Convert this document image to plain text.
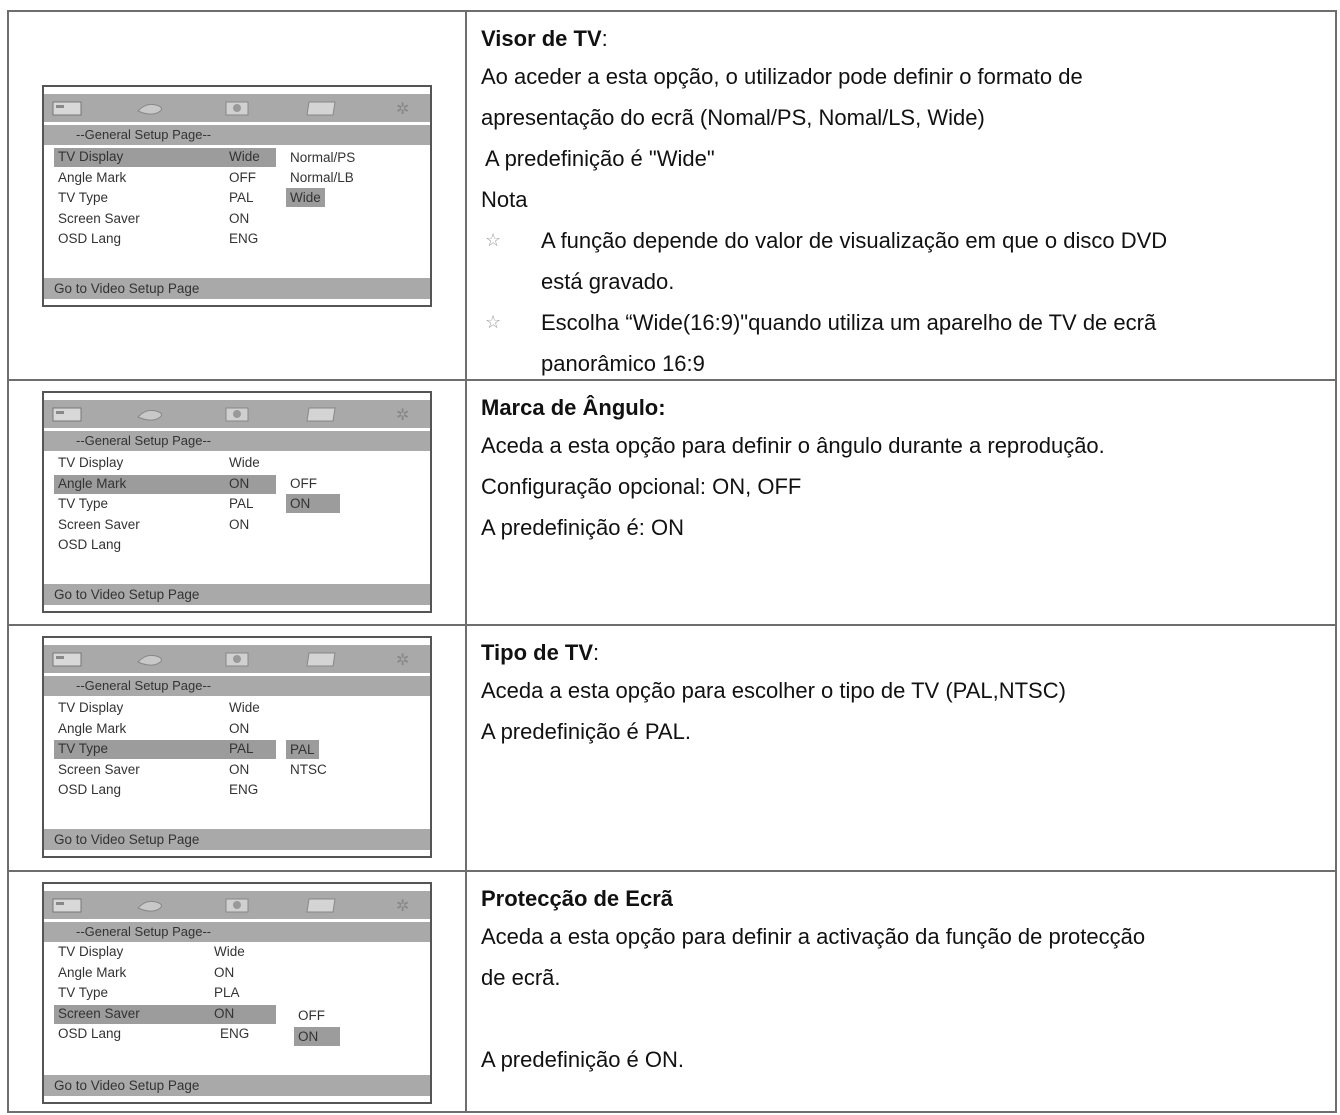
✲
--General Setup Page--
TV Display	Wide
Angle Mark	OFF
TV Type	PAL
Screen Saver	ON
OSD Lang	ENG
Normal/PS
Normal/LB
Wide
Go to Video Setup Page
Visor de TV:
Ao aceder a esta opção, o utilizador pode definir o formato de
apresentação do ecrã (Nomal/PS, Nomal/LS, Wide)
A predefinição é "Wide"
Nota
☆	A função depende do valor de visualização em que o disco DVD
está gravado.
☆	Escolha “Wide(16:9)"quando utiliza um aparelho de TV de ecrã
panorâmico 16:9
✲
--General Setup Page--
TV Display	Wide
Angle Mark	ON
TV Type	PAL
Screen Saver	ON
OSD Lang
OFF
ON
Go to Video Setup Page
Marca de Ângulo:
Aceda a esta opção para definir o ângulo durante a reprodução.
Configuração opcional: ON, OFF
A predefinição é: ON
✲
--General Setup Page--
TV Display	Wide
Angle Mark	ON
TV Type	PAL
Screen Saver	ON
OSD Lang	ENG
PAL
NTSC
Go to Video Setup Page
Tipo de TV:
Aceda a esta opção para escolher o tipo de TV (PAL,NTSC)
A predefinição é PAL.
✲
--General Setup Page--
TV Display	Wide
Angle Mark	ON
TV Type	PLA
Screen Saver	ON
OSD Lang	ENG
OFF
ON
Go to Video Setup Page
Protecção de Ecrã
Aceda a esta opção para definir a activação da função de protecção
de ecrã.
A predefinição é ON.
